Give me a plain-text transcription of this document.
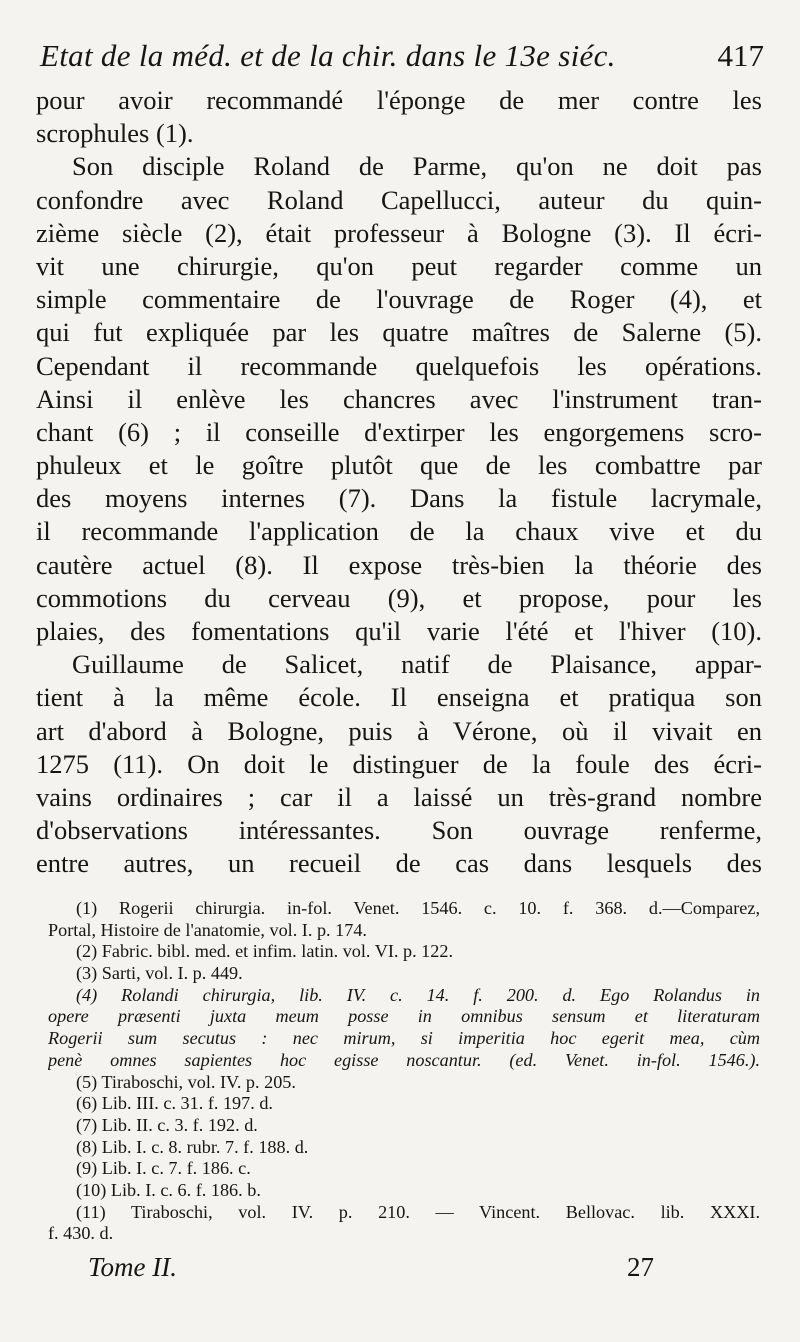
Etat de la méd. et de la chir. dans le 13e siéc.	417
pour avoir recommandé l'éponge de mer contre les
scrophules (1).
Son disciple Roland de Parme, qu'on ne doit pas
confondre avec Roland Capellucci, auteur du quin-
zième siècle (2), était professeur à Bologne (3). Il écri-
vit une chirurgie, qu'on peut regarder comme un
simple commentaire de l'ouvrage de Roger (4), et
qui fut expliquée par les quatre maîtres de Salerne (5).
Cependant il recommande quelquefois les opérations.
Ainsi il enlève les chancres avec l'instrument tran-
chant (6) ; il conseille d'extirper les engorgemens scro-
phuleux et le goître plutôt que de les combattre par
des moyens internes (7). Dans la fistule lacrymale,
il recommande l'application de la chaux vive et du
cautère actuel (8). Il expose très-bien la théorie des
commotions du cerveau (9), et propose, pour les
plaies, des fomentations qu'il varie l'été et l'hiver (10).
Guillaume de Salicet, natif de Plaisance, appar-
tient à la même école. Il enseigna et pratiqua son
art d'abord à Bologne, puis à Vérone, où il vivait en
1275 (11). On doit le distinguer de la foule des écri-
vains ordinaires ; car il a laissé un très-grand nombre
d'observations intéressantes. Son ouvrage renferme,
entre autres, un recueil de cas dans lesquels des
(1) Rogerii chirurgia. in-fol. Venet. 1546. c. 10. f. 368. d.—Comparez,
Portal, Histoire de l'anatomie, vol. I. p. 174.
(2) Fabric. bibl. med. et infim. latin. vol. VI. p. 122.
(3) Sarti, vol. I. p. 449.
(4) Rolandi chirurgia, lib. IV. c. 14. f. 200. d. Ego Rolandus in
opere præsenti juxta meum posse in omnibus sensum et literaturam
Rogerii sum secutus : nec mirum, si imperitia hoc egerit mea, cùm
penè omnes sapientes hoc egisse noscantur. (ed. Venet. in-fol. 1546.).
(5) Tiraboschi, vol. IV. p. 205.
(6) Lib. III. c. 31. f. 197. d.
(7) Lib. II. c. 3. f. 192. d.
(8) Lib. I. c. 8. rubr. 7. f. 188. d.
(9) Lib. I. c. 7. f. 186. c.
(10) Lib. I. c. 6. f. 186. b.
(11) Tiraboschi, vol. IV. p. 210. — Vincent. Bellovac. lib. XXXI.
f. 430. d.
Tome II.	27
